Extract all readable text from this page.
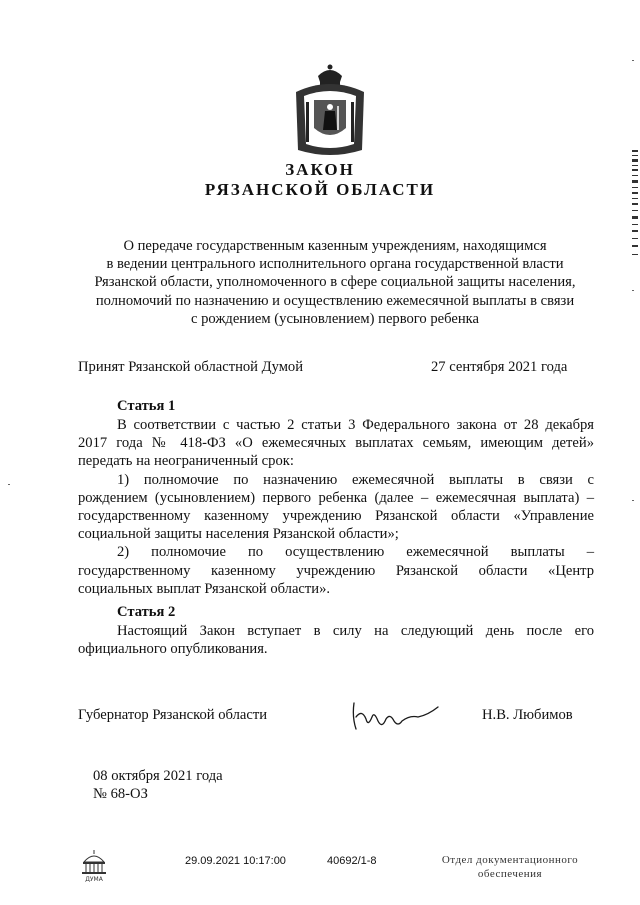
ЗАКОН
РЯЗАНСКОЙ ОБЛАСТИ
О передаче государственным казенным учреждениям, находящимся
в ведении центрального исполнительного органа государственной власти
Рязанской области, уполномоченного в сфере социальной защиты населения,
полномочий по назначению и осуществлению ежемесячной выплаты в связи
с рождением (усыновлением) первого ребенка
Принят Рязанской областной Думой	27 сентября 2021 года
Статья 1
В соответствии с частью 2 статьи 3 Федерального закона от 28 декабря
2017 года № 418-ФЗ «О ежемесячных выплатах семьям, имеющим детей»
передать на неограниченный срок:
1) полномочие по назначению ежемесячной выплаты в связи с
рождением (усыновлением) первого ребенка (далее – ежемесячная выплата) –
государственному казенному учреждению Рязанской области «Управление
социальной защиты населения Рязанской области»;
2) полномочие по осуществлению ежемесячной выплаты –
государственному казенному учреждению Рязанской области «Центр
социальных выплат Рязанской области».
Статья 2
Настоящий Закон вступает в силу на следующий день после его
официального опубликования.
Губернатор Рязанской области	Н.В. Любимов
08 октября 2021 года
№ 68-ОЗ
ДУМА
29.09.2021 10:17:00	40692/1-8	Отдел документационного
обеспечения
